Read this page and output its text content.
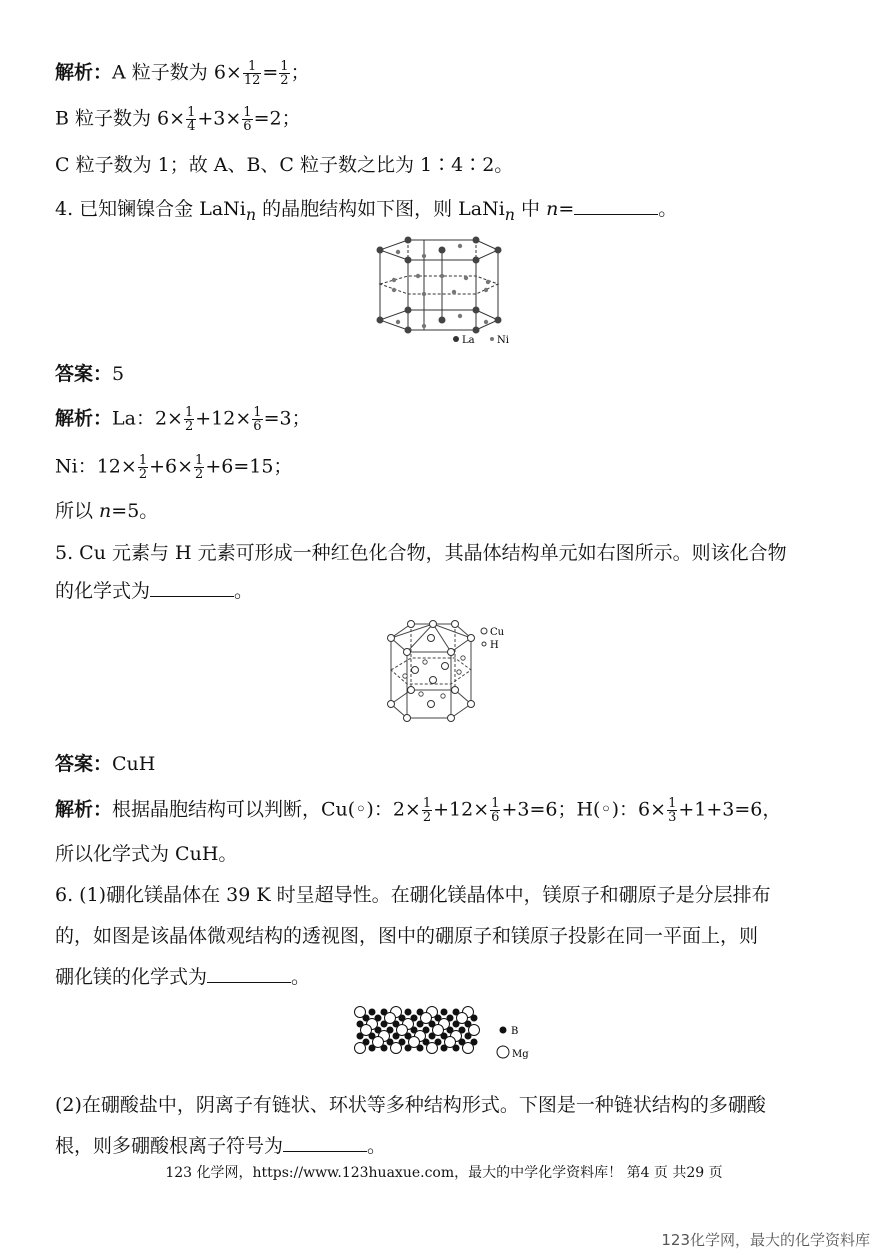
解析：A 粒子数为 $6\times \frac{1}{12} = \frac{1}{2}$ ；
B 粒子数为 $6\times \frac{1}{4} +3\times \frac{1}{6} =2$；
C 粒子数为 1；故 A、B、C 粒子数之比为 1∶4∶2。
4. 已知镧镍合金 LaNi$_n$ 的晶胞结构如下图，则 LaNi$_n$ 中 n=	。
La Ni
答案：5
解析：La：$2\times \frac{1}{2} +12\times \frac{1}{6} =3$；
Ni：$12\times \frac{1}{2} +6\times \frac{1}{2} +6=15$；
所以 n=5。
5. Cu 元素与 H 元素可形成一种红色化合物，其晶体结构单元如右图所示。则该化合物
的化学式为	。
Cu
H
答案：CuH
解析：根据晶胞结构可以判断，Cu(◦)：$2\times \frac{1}{2} +12\times \frac{1}{6} +3=6$；H(◦)：$6\times \frac{1}{3} +1+3=6$，
所以化学式为 CuH。
6. (1)硼化镁晶体在 39 K 时呈超导性。在硼化镁晶体中，镁原子和硼原子是分层排布
的，如图是该晶体微观结构的透视图，图中的硼原子和镁原子投影在同一平面上，则
硼化镁的化学式为	。
B
Mg
(2)在硼酸盐中，阴离子有链状、环状等多种结构形式。下图是一种链状结构的多硼酸
根，则多硼酸根离子符号为	。
123 化学网，https://www.123huaxue.com，最大的中学化学资料库！ 第4 页 共29 页
123化学网，最大的化学资料库
